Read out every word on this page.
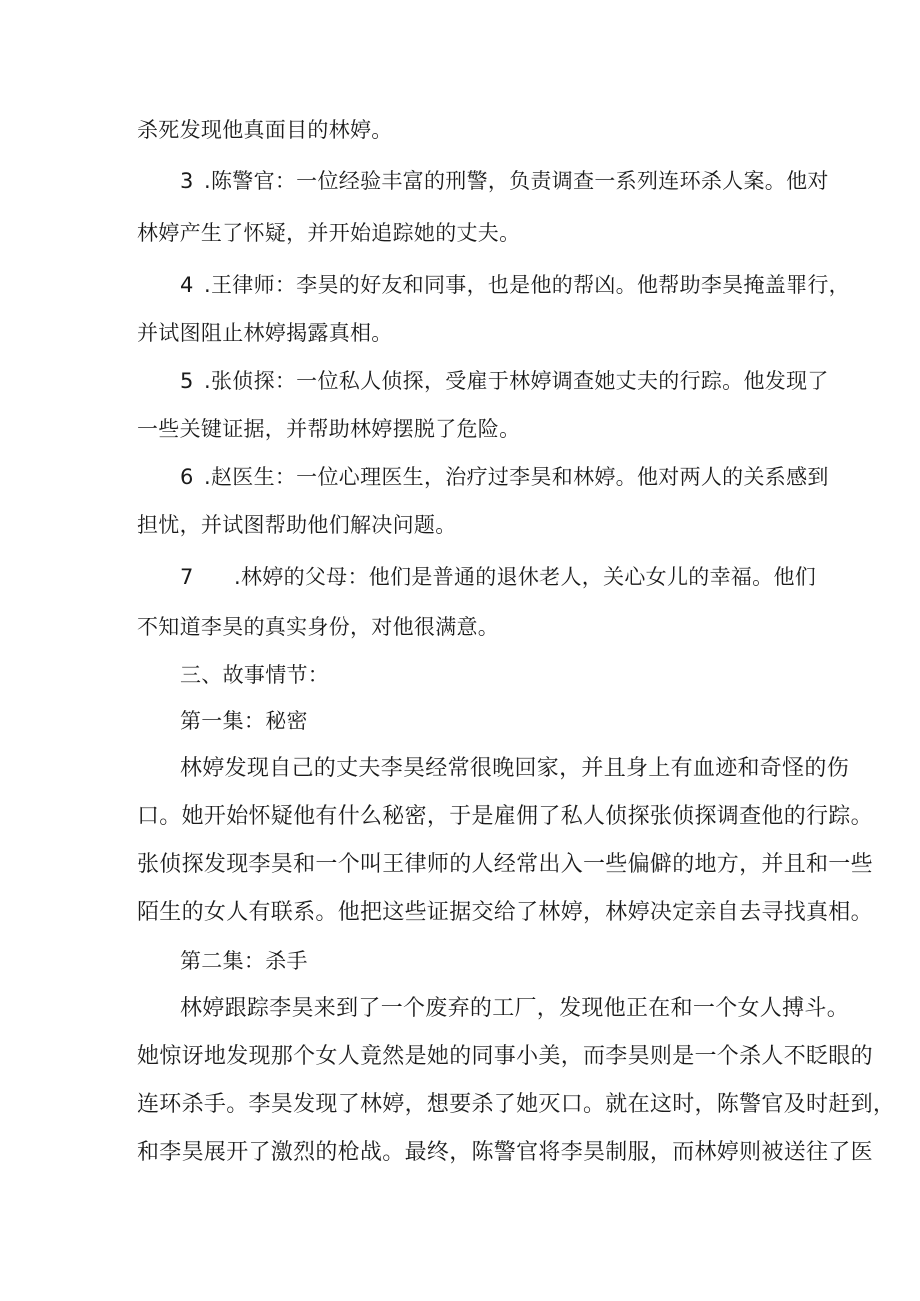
杀死发现他真面目的林婷。
3 .陈警官：一位经验丰富的刑警，负责调查一系列连环杀人案。他对
林婷产生了怀疑，并开始追踪她的丈夫。
4 .王律师：李昊的好友和同事，也是他的帮凶。他帮助李昊掩盖罪行，
并试图阻止林婷揭露真相。
5 .张侦探：一位私人侦探，受雇于林婷调查她丈夫的行踪。他发现了
一些关键证据，并帮助林婷摆脱了危险。
6 .赵医生：一位心理医生，治疗过李昊和林婷。他对两人的关系感到
担忧，并试图帮助他们解决问题。
7 .林婷的父母：他们是普通的退休老人，关心女儿的幸福。他们
不知道李昊的真实身份，对他很满意。
三、故事情节：
第一集：秘密
林婷发现自己的丈夫李昊经常很晚回家，并且身上有血迹和奇怪的伤
口。她开始怀疑他有什么秘密，于是雇佣了私人侦探张侦探调查他的行踪。
张侦探发现李昊和一个叫王律师的人经常出入一些偏僻的地方，并且和一些
陌生的女人有联系。他把这些证据交给了林婷，林婷决定亲自去寻找真相。
第二集：杀手
林婷跟踪李昊来到了一个废弃的工厂，发现他正在和一个女人搏斗。
她惊讶地发现那个女人竟然是她的同事小美，而李昊则是一个杀人不眨眼的
连环杀手。李昊发现了林婷，想要杀了她灭口。就在这时，陈警官及时赶到，
和李昊展开了激烈的枪战。最终，陈警官将李昊制服，而林婷则被送往了医
